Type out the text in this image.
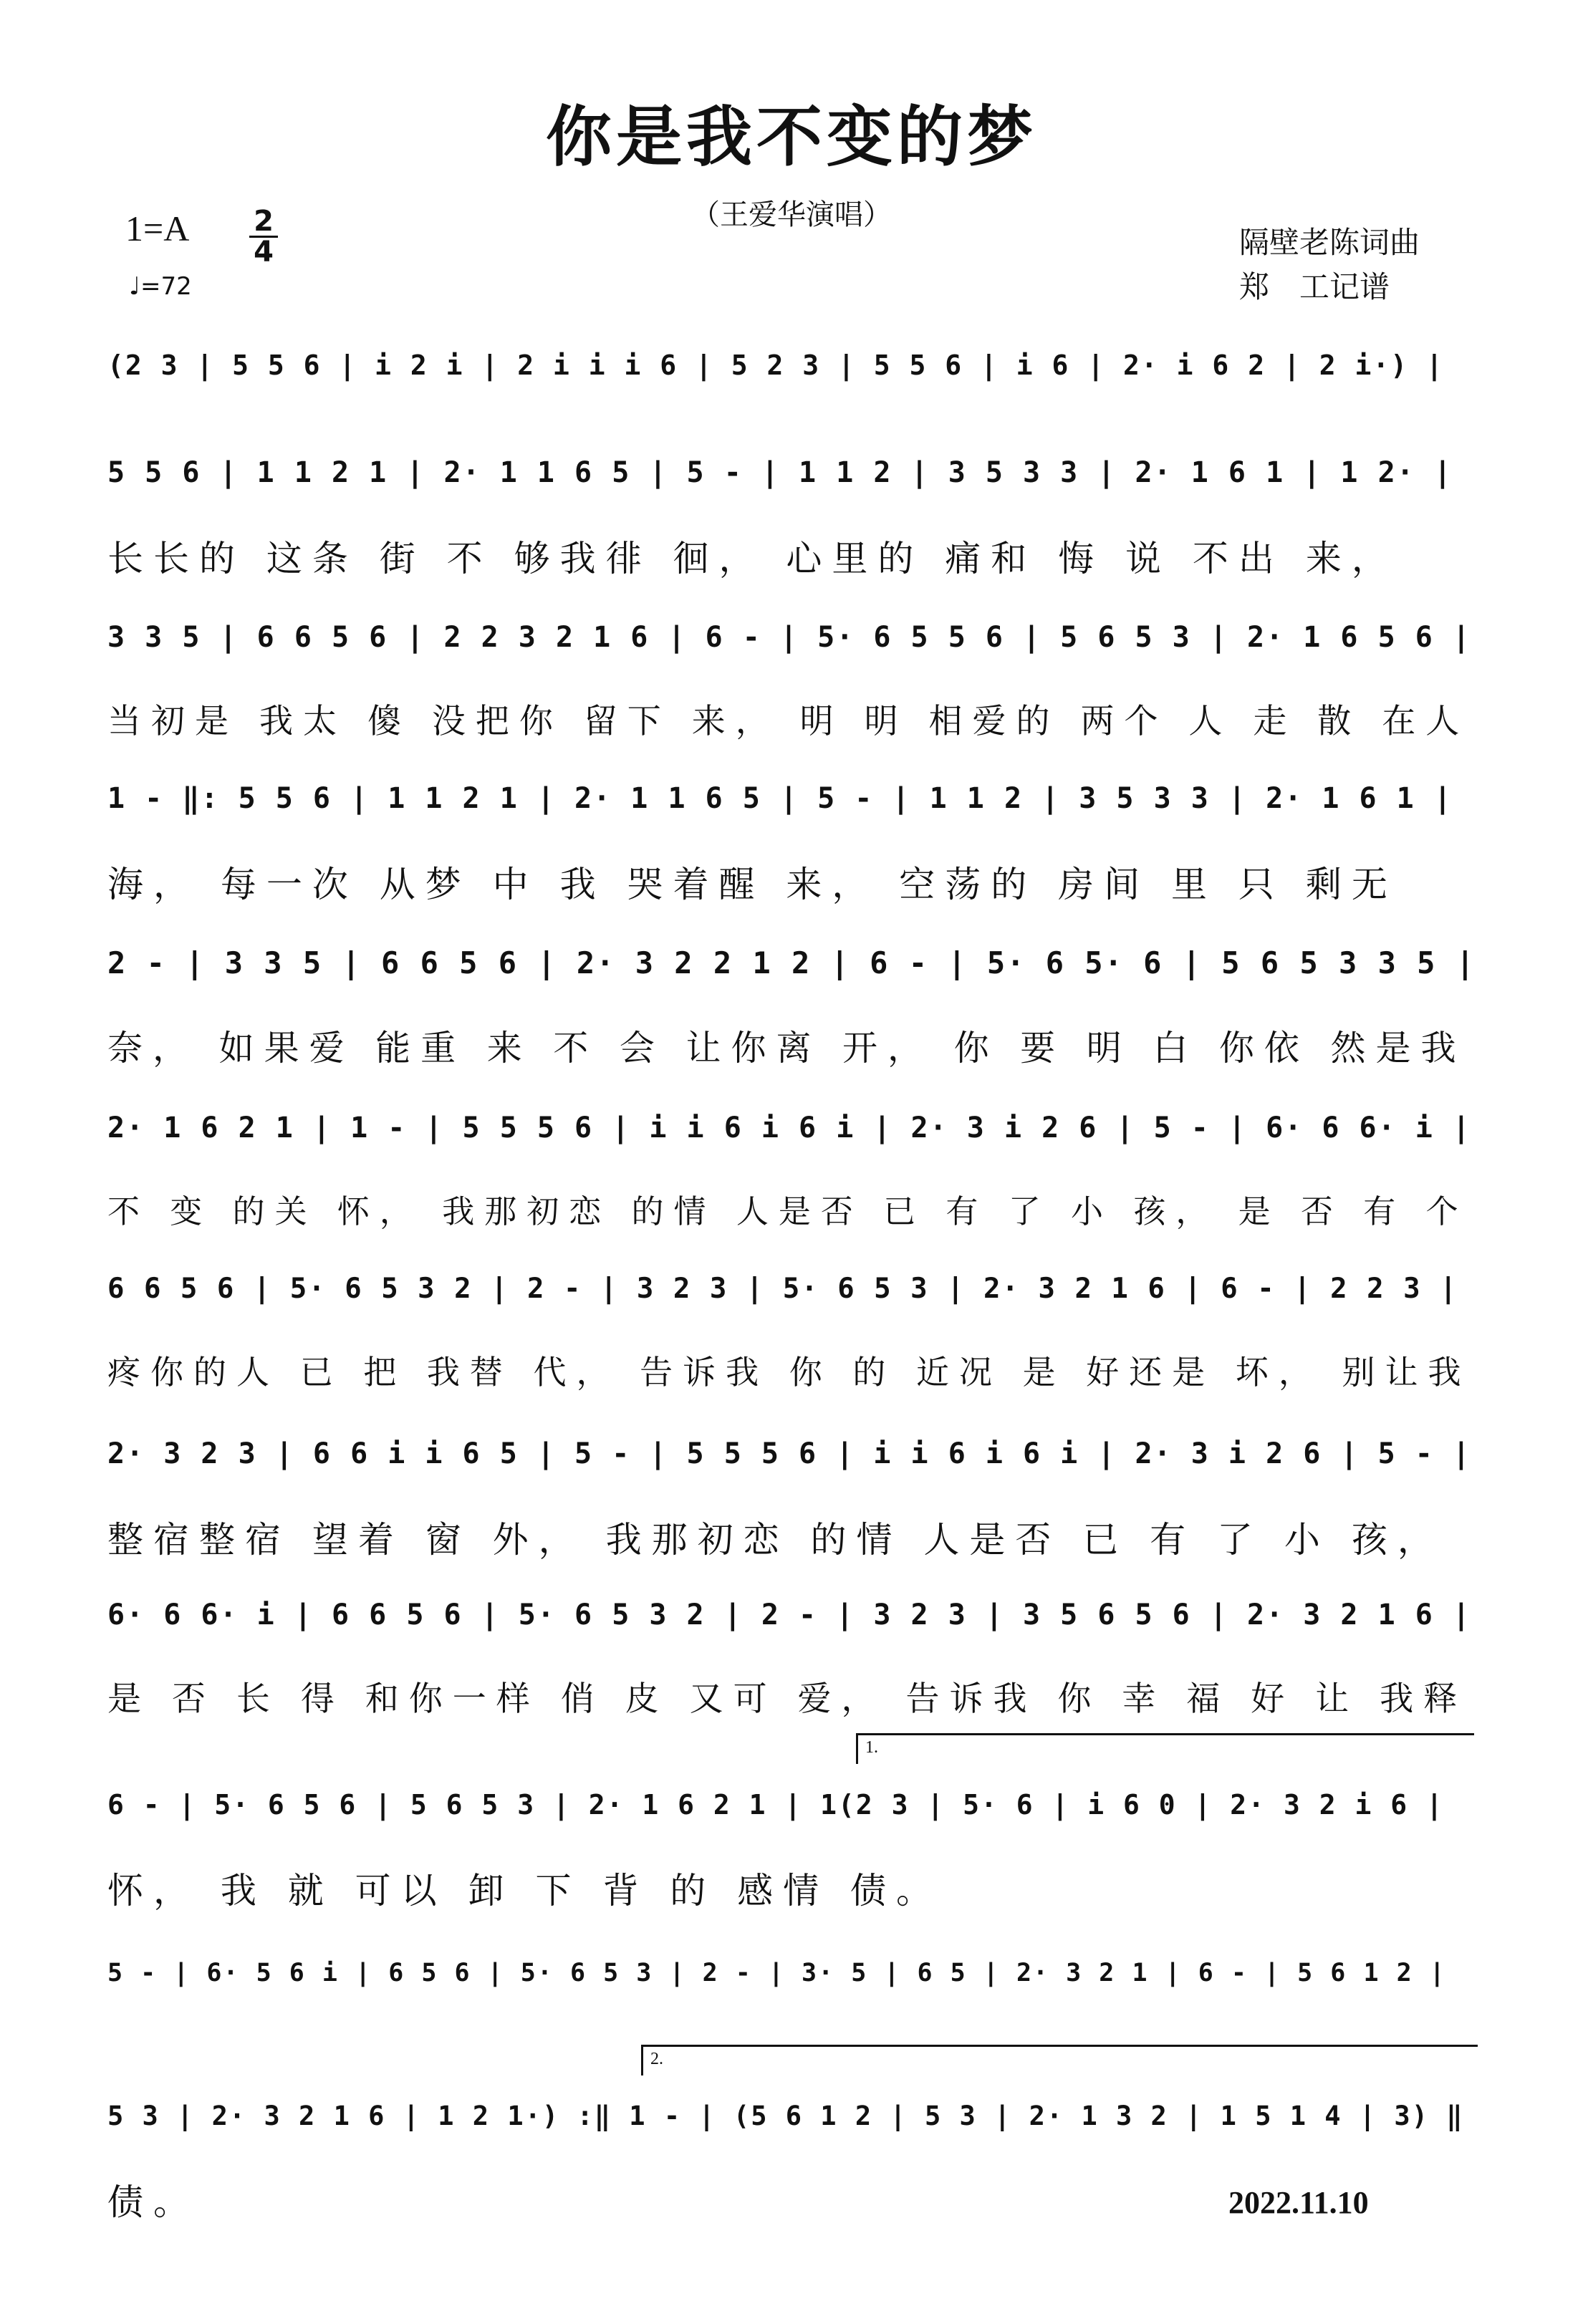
你是我不变的梦
（王爱华演唱）
1=A 2
4
♩=72
隔壁老陈词曲
郑　工记谱
(2 3 | 5 5 6 | i 2 i | 2 i i i 6 | 5 2 3 | 5 5 6 | i 6 | 2· i 6 2 | 2 i·) |
5 5 6 | 1 1 2 1 | 2· 1 1 6 5 | 5 - | 1 1 2 | 3 5 3 3 | 2· 1 6 1 | 1 2· |
长长的 这条 街 不 够我徘 徊， 心里的 痛和 悔 说 不出 来，
3 3 5 | 6 6 5 6 | 2 2 3 2 1 6 | 6 - | 5· 6 5 5 6 | 5 6 5 3 | 2· 1 6 5 6 |
当初是 我太 傻 没把你 留下 来， 明 明 相爱的 两个 人 走 散 在人
1 - ‖: 5 5 6 | 1 1 2 1 | 2· 1 1 6 5 | 5 - | 1 1 2 | 3 5 3 3 | 2· 1 6 1 |
海， 每一次 从梦 中 我 哭着醒 来， 空荡的 房间 里 只 剩无
2 - | 3 3 5 | 6 6 5 6 | 2· 3 2 2 1 2 | 6 - | 5· 6 5· 6 | 5 6 5 3 3 5 |
奈， 如果爱 能重 来 不 会 让你离 开， 你 要 明 白 你依 然是我
2· 1 6 2 1 | 1 - | 5 5 5 6 | i i 6 i 6 i | 2· 3 i 2 6 | 5 - | 6· 6 6· i |
不 变 的关 怀， 我那初恋 的情 人是否 已 有 了 小 孩， 是 否 有 个
6 6 5 6 | 5· 6 5 3 2 | 2 - | 3 2 3 | 5· 6 5 3 | 2· 3 2 1 6 | 6 - | 2 2 3 |
疼你的人 已 把 我替 代， 告诉我 你 的 近况 是 好还是 坏， 别让我
2· 3 2 3 | 6 6 i i 6 5 | 5 - | 5 5 5 6 | i i 6 i 6 i | 2· 3 i 2 6 | 5 - |
整宿整宿 望着 窗 外， 我那初恋 的情 人是否 已 有 了 小 孩，
6· 6 6· i | 6 6 5 6 | 5· 6 5 3 2 | 2 - | 3 2 3 | 3 5 6 5 6 | 2· 3 2 1 6 |
是 否 长 得 和你一样 俏 皮 又可 爱， 告诉我 你 幸 福 好 让 我释
1.
6 - | 5· 6 5 6 | 5 6 5 3 | 2· 1 6 2 1 | 1(2 3 | 5· 6 | i 6 0 | 2· 3 2 i 6 |
怀， 我 就 可以 卸 下 背 的 感情 债。
5 - | 6· 5 6 i | 6 5 6 | 5· 6 5 3 | 2 - | 3· 5 | 6 5 | 2· 3 2 1 | 6 - | 5 6 1 2 |
2.
5 3 | 2· 3 2 1 6 | 1 2 1·) :‖ 1 - | (5 6 1 2 | 5 3 | 2· 1 3 2 | 1 5 1 4 | 3) ‖
债。	2022.11.10
